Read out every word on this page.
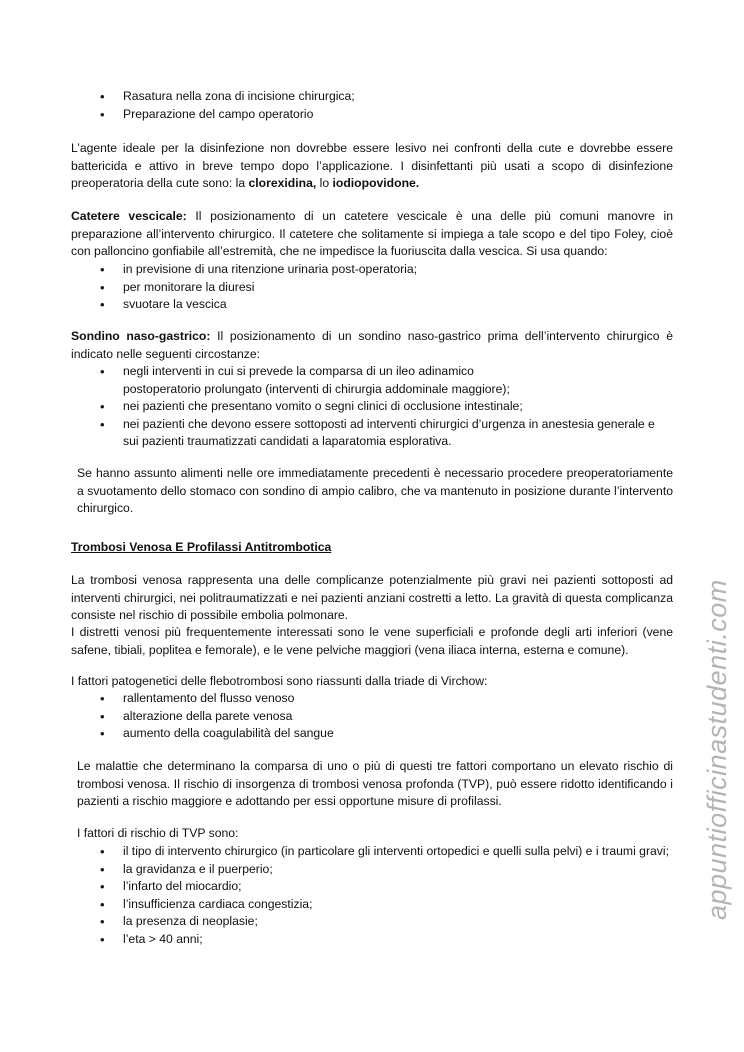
• Rasatura nella zona di incisione chirurgica;
• Preparazione del campo operatorio
L’agente ideale per la disinfezione non dovrebbe essere lesivo nei confronti della cute e dovrebbe essere battericida e attivo in breve tempo dopo l’applicazione. I disinfettanti più usati a scopo di disinfezione preoperatoria della cute sono: la clorexidina, lo iodiopovidone.
Catetere vescicale: Il posizionamento di un catetere vescicale è una delle più comuni manovre in preparazione all’intervento chirurgico. Il catetere che solitamente si impiega a tale scopo e del tipo Foley, cioè con palloncino gonfiabile all’estremità, che ne impedisce la fuoriuscita dalla vescica. Si usa quando:
• in previsione di una ritenzione urinaria post-operatoria;
• per monitorare la diuresi
• svuotare la vescica
Sondino naso-gastrico: Il posizionamento di un sondino naso-gastrico prima dell’intervento chirurgico è indicato nelle seguenti circostanze:
• negli interventi in cui si prevede la comparsa di un ileo adinamico postoperatorio prolungato (interventi di chirurgia addominale maggiore);
• nei pazienti che presentano vomito o segni clinici di occlusione intestinale;
• nei pazienti che devono essere sottoposti ad interventi chirurgici d’urgenza in anestesia generale e sui pazienti traumatizzati candidati a laparatomia esplorativa.
Se hanno assunto alimenti nelle ore immediatamente precedenti è necessario procedere preoperatoriamente a svuotamento dello stomaco con sondino di ampio calibro, che va mantenuto in posizione durante l’intervento chirurgico.
Trombosi Venosa E Profilassi Antitrombotica
La trombosi venosa rappresenta una delle complicanze potenzialmente più gravi nei pazienti sottoposti ad interventi chirurgici, nei politraumatizzati e nei pazienti anziani costretti a letto. La gravità di questa complicanza consiste nel rischio di possibile embolia polmonare.
I distretti venosi più frequentemente interessati sono le vene superficiali e profonde degli arti inferiori (vene safene, tibiali, poplitea e femorale), e le vene pelviche maggiori (vena iliaca interna, esterna e comune).
I fattori patogenetici delle flebotrombosi sono riassunti dalla triade di Virchow:
• rallentamento del flusso venoso
• alterazione della parete venosa
• aumento della coagulabilità del sangue
Le malattie che determinano la comparsa di uno o più di questi tre fattori comportano un elevato rischio di trombosi venosa. Il rischio di insorgenza di trombosi venosa profonda (TVP), può essere ridotto identificando i pazienti a rischio maggiore e adottando per essi opportune misure di profilassi.
I fattori di rischio di TVP sono:
• il tipo di intervento chirurgico (in particolare gli interventi ortopedici e quelli sulla pelvi) e i traumi gravi;
• la gravidanza e il puerperio;
• l’infarto del miocardio;
• l’insufficienza cardiaca congestizia;
• la presenza di neoplasie;
• l’eta > 40 anni;
appuntiofficinastudenti.com
